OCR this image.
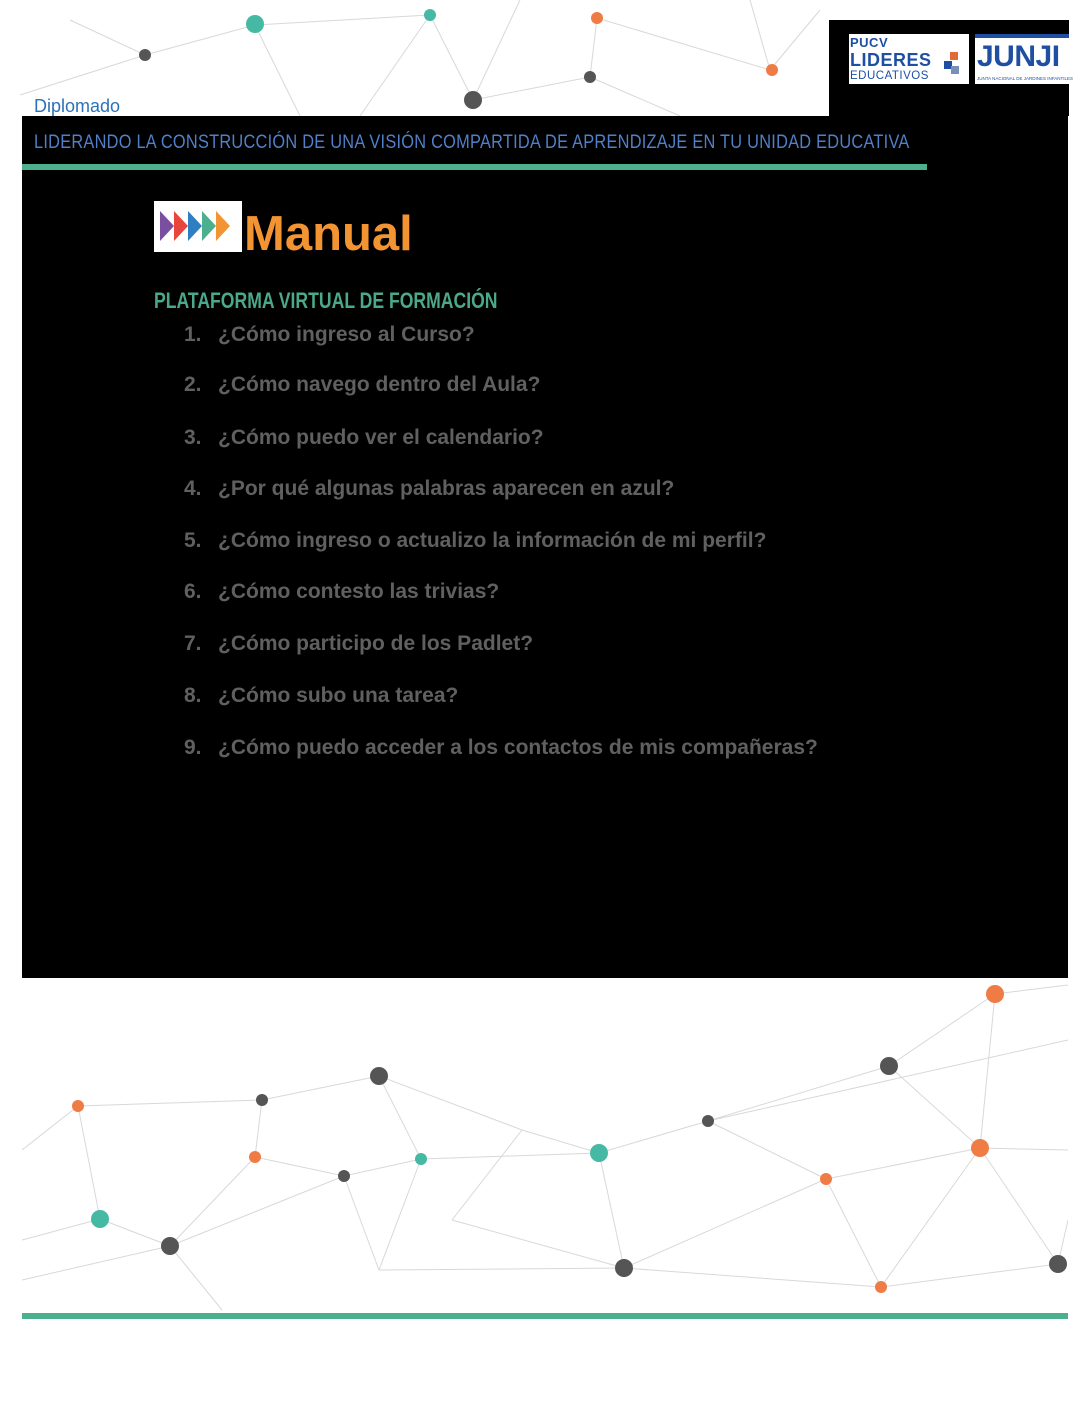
PUCV
LIDERES
EDUCATIVOS
JUNJI
JUNTA NACIONAL DE JARDINES INFANTILES
Diplomado
LIDERANDO LA CONSTRUCCIÓN DE UNA VISIÓN COMPARTIDA DE APRENDIZAJE EN TU UNIDAD EDUCATIVA
Manual
PLATAFORMA VIRTUAL DE FORMACIÓN
1. ¿Cómo ingreso al Curso?
2. ¿Cómo navego dentro del Aula?
3. ¿Cómo puedo ver el calendario?
4. ¿Por qué algunas palabras aparecen en azul?
5. ¿Cómo ingreso o actualizo la información de mi perfil?
6. ¿Cómo contesto las trivias?
7. ¿Cómo participo de los Padlet?
8. ¿Cómo subo una tarea?
9. ¿Cómo puedo acceder a los contactos de mis compañeras?
